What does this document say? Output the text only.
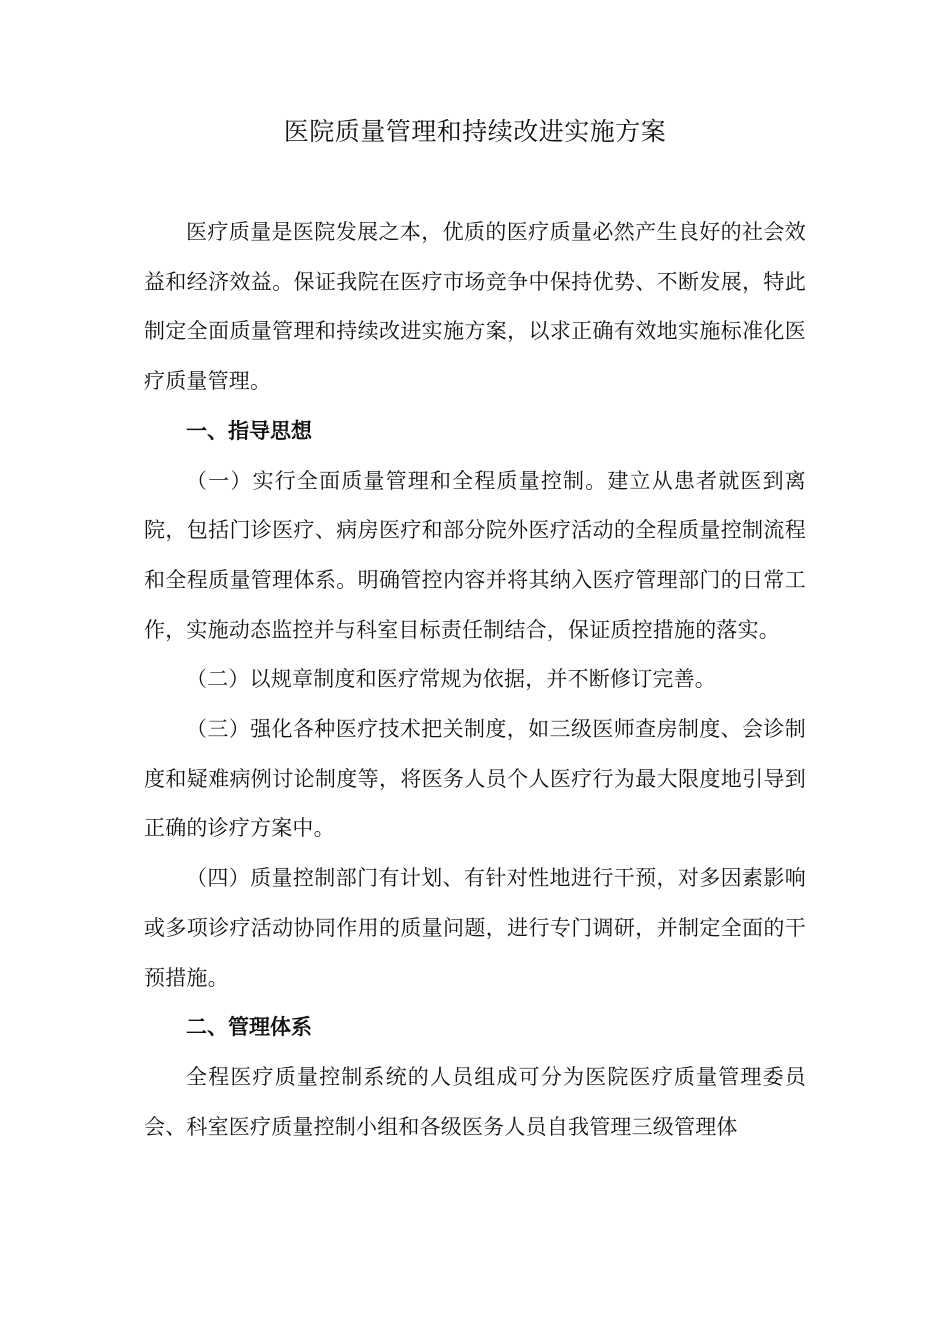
医院质量管理和持续改进实施方案

医疗质量是医院发展之本，优质的医疗质量必然产生良好的社会效益和经济效益。保证我院在医疗市场竞争中保持优势、不断发展，特此制定全面质量管理和持续改进实施方案，以求正确有效地实施标准化医疗质量管理。

一、指导思想

（一）实行全面质量管理和全程质量控制。建立从患者就医到离院，包括门诊医疗、病房医疗和部分院外医疗活动的全程质量控制流程和全程质量管理体系。明确管控内容并将其纳入医疗管理部门的日常工作，实施动态监控并与科室目标责任制结合，保证质控措施的落实。

（二）以规章制度和医疗常规为依据，并不断修订完善。

（三）强化各种医疗技术把关制度，如三级医师查房制度、会诊制度和疑难病例讨论制度等，将医务人员个人医疗行为最大限度地引导到正确的诊疗方案中。

（四）质量控制部门有计划、有针对性地进行干预，对多因素影响或多项诊疗活动协同作用的质量问题，进行专门调研，并制定全面的干预措施。

二、管理体系

全程医疗质量控制系统的人员组成可分为医院医疗质量管理委员会、科室医疗质量控制小组和各级医务人员自我管理三级管理体
